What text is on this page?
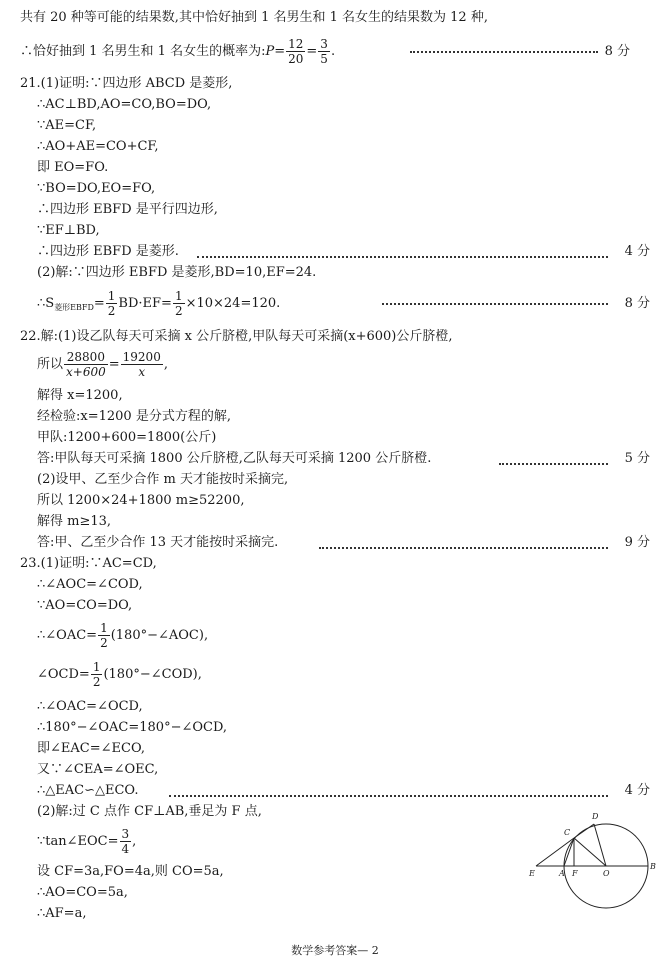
共有 20 种等可能的结果数,其中恰好抽到 1 名男生和 1 名女生的结果数为 12 种,
∴恰好抽到 1 名男生和 1 名女生的概率为:P= $\frac{12}{20} = \frac{3}{5}$ .	8 分
21.(1)证明:∵四边形 ABCD 是菱形,
∴AC⊥BD,AO=CO,BO=DO,
∵AE=CF,
∴AO+AE=CO+CF,
即 EO=FO.
∵BO=DO,EO=FO,
∴四边形 EBFD 是平行四边形,
∵EF⊥BD,
∴四边形 EBFD 是菱形.	4 分
(2)解:∵四边形 EBFD 是菱形,BD=10,EF=24.
$\therefore S_{菱形EBFD}= \frac{1}{2} BD\cdot EF= \frac{1}{2} \times 10\times 24=120$.	8 分
22.解:(1)设乙队每天可采摘 x 公斤脐橙,甲队每天可采摘(x+600)公斤脐橙,
所以 $\frac{28800}{x+600} = \frac{19200}{x}$ ,
解得 x=1200,
经检验:x=1200 是分式方程的解,
甲队:1200+600=1800(公斤)
答:甲队每天可采摘 1800 公斤脐橙,乙队每天可采摘 1200 公斤脐橙.	5 分
(2)设甲、乙至少合作 m 天才能按时采摘完,
所以 1200×24+1800 m≥52200,
解得 m≥13,
答:甲、乙至少合作 13 天才能按时采摘完.	9 分
23.(1)证明:∵AC=CD,
∴∠AOC=∠COD,
∵AO=CO=DO,
∴∠OAC= $\frac{1}{2}$ (180°−∠AOC),
∠OCD= $\frac{1}{2}$ (180°−∠COD),
∴∠OAC=∠OCD,
∴180°−∠OAC=180°−∠OCD,
即∠EAC=∠ECO,
又∵∠CEA=∠OEC,
∴△EAC∽△ECO.	4 分
(2)解:过 C 点作 CF⊥AB,垂足为 F 点,
∵tan∠EOC= $\frac{3}{4}$ ,
设 CF=3a,FO=4a,则 CO=5a,
∴AO=CO=5a,
∴AF=a,
D
C
E	A F	O
B
数学参考答案— 2
